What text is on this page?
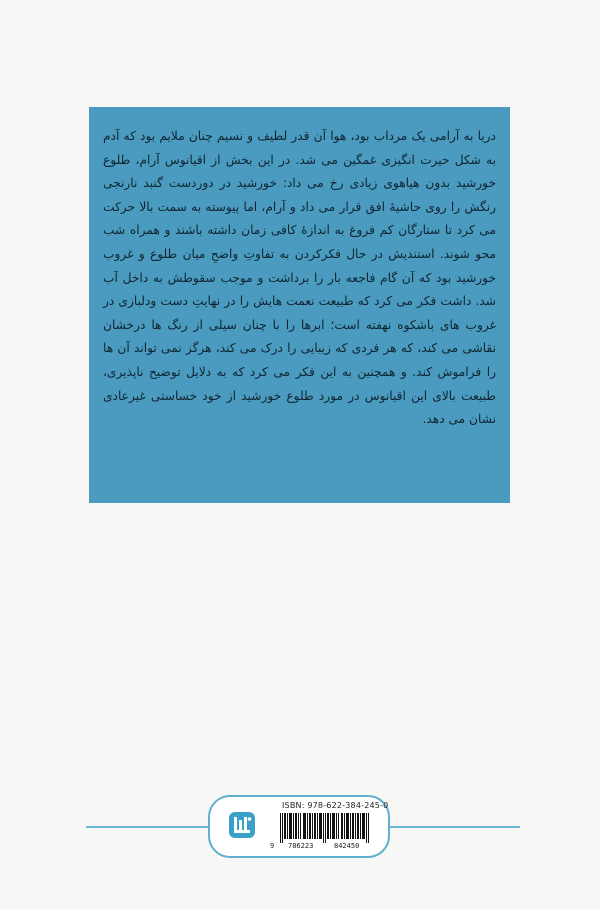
دریا به آرامی یک مرداب بود، هوا آن قدر لطیف و نسیم چنان ملایم بود که آدم به شکل حیرت انگیزی غمگین می شد. در این بخش از اقیانوس آرام، طلوع خورشید بدون هیاهوی زیادی رخ می داد: خورشید در دوردست گنبد نارنجی رنگش را روی حاشیهٔ افق قرار می داد و آرام، اما پیوسته به سمت بالا حرکت می کرد تا ستارگان کم فروغ به اندازهٔ کافی زمان داشته باشند و همراه شب محو شوند. استندیش در حال فکرکردن به تفاوتِ واضحِ میان طلوع و غروب خورشید بود که آن گام فاجعه بار را برداشت و موجب سقوطش به داخل آب شد. داشت فکر می کرد که طبیعت نعمت هایش را در نهایتِ دست ودلبازی در غروب های باشکوه نهفته است؛ ابرها را با چنان سیلی از رنگ ها درخشان نقاشی می کند، که هر فردی که زیبایی را درک می کند، هرگز نمی تواند آن ها را فراموش کند. و همچنین به این فکر می کرد که به دلایل توضیح ناپذیری، طبیعت بالای این اقیانوس در مورد طلوع خورشید از خود خساستی غیرعادی نشان می دهد.

ISBN: 978-622-384-245-0
9 786223	842450
